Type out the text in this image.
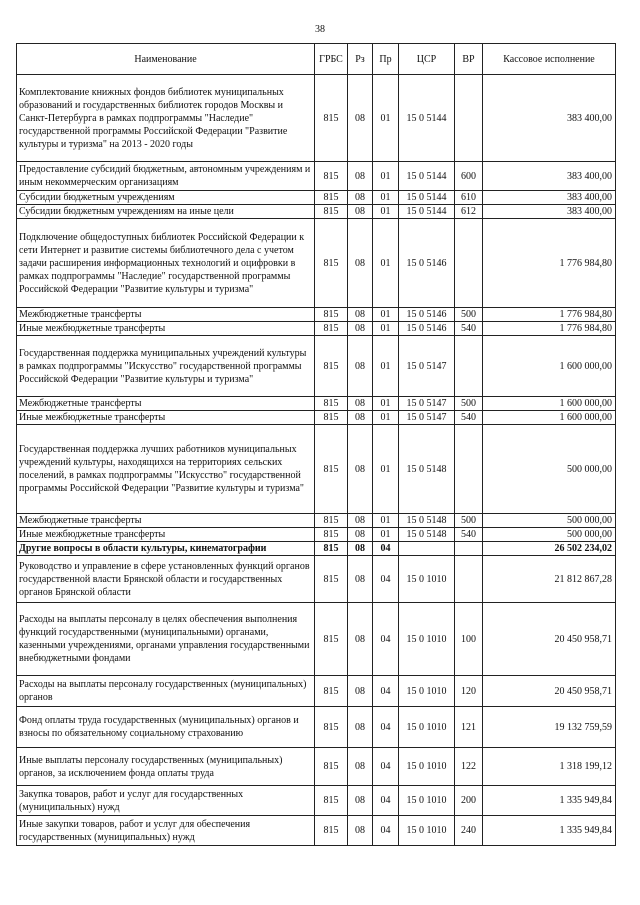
38
Наименование	ГРБС	Рз	Пр	ЦСР	ВР	Кассовое исполнение
Комплектование книжных фондов библиотек муниципальных образований и государственных библиотек городов Москвы и Санкт-Петербурга в рамках подпрограммы "Наследие" государственной программы Российской Федерации "Развитие культуры и туризма" на 2013 - 2020 годы	815	08	01	15 0 5144		383 400,00
Предоставление субсидий бюджетным, автономным учреждениям и иным некоммерческим организациям	815	08	01	15 0 5144	600	383 400,00
Субсидии бюджетным учреждениям	815	08	01	15 0 5144	610	383 400,00
Субсидии бюджетным учреждениям на иные цели	815	08	01	15 0 5144	612	383 400,00
Подключение общедоступных библиотек Российской Федерации к сети Интернет и развитие системы библиотечного дела с учетом задачи расширения информационных технологий и оцифровки в рамках подпрограммы "Наследие" государственной программы Российской Федерации "Развитие культуры и туризма"	815	08	01	15 0 5146		1 776 984,80
Межбюджетные трансферты	815	08	01	15 0 5146	500	1 776 984,80
Иные межбюджетные трансферты	815	08	01	15 0 5146	540	1 776 984,80
Государственная поддержка муниципальных учреждений культуры в рамках подпрограммы "Искусство" государственной программы Российской Федерации "Развитие культуры и туризма"	815	08	01	15 0 5147		1 600 000,00
Межбюджетные трансферты	815	08	01	15 0 5147	500	1 600 000,00
Иные межбюджетные трансферты	815	08	01	15 0 5147	540	1 600 000,00
Государственная поддержка лучших работников муниципальных учреждений культуры, находящихся на территориях сельских поселений, в рамках подпрограммы "Искусство" государственной программы Российской Федерации "Развитие культуры и туризма"	815	08	01	15 0 5148		500 000,00
Межбюджетные трансферты	815	08	01	15 0 5148	500	500 000,00
Иные межбюджетные трансферты	815	08	01	15 0 5148	540	500 000,00
Другие вопросы в области культуры, кинематографии	815	08	04			26 502 234,02
Руководство и управление в сфере установленных функций органов государственной власти Брянской области и государственных органов Брянской области	815	08	04	15 0 1010		21 812 867,28
Расходы на выплаты персоналу в целях обеспечения выполнения функций государственными (муниципальными) органами, казенными учреждениями, органами управления государственными внебюджетными фондами	815	08	04	15 0 1010	100	20 450 958,71
Расходы на выплаты персоналу государственных (муниципальных) органов	815	08	04	15 0 1010	120	20 450 958,71
Фонд оплаты труда государственных (муниципальных) органов и взносы по обязательному социальному страхованию	815	08	04	15 0 1010	121	19 132 759,59
Иные выплаты персоналу государственных (муниципальных) органов, за исключением фонда оплаты труда	815	08	04	15 0 1010	122	1 318 199,12
Закупка товаров, работ и услуг для государственных (муниципальных) нужд	815	08	04	15 0 1010	200	1 335 949,84
Иные закупки товаров, работ и услуг для обеспечения государственных (муниципальных) нужд	815	08	04	15 0 1010	240	1 335 949,84
